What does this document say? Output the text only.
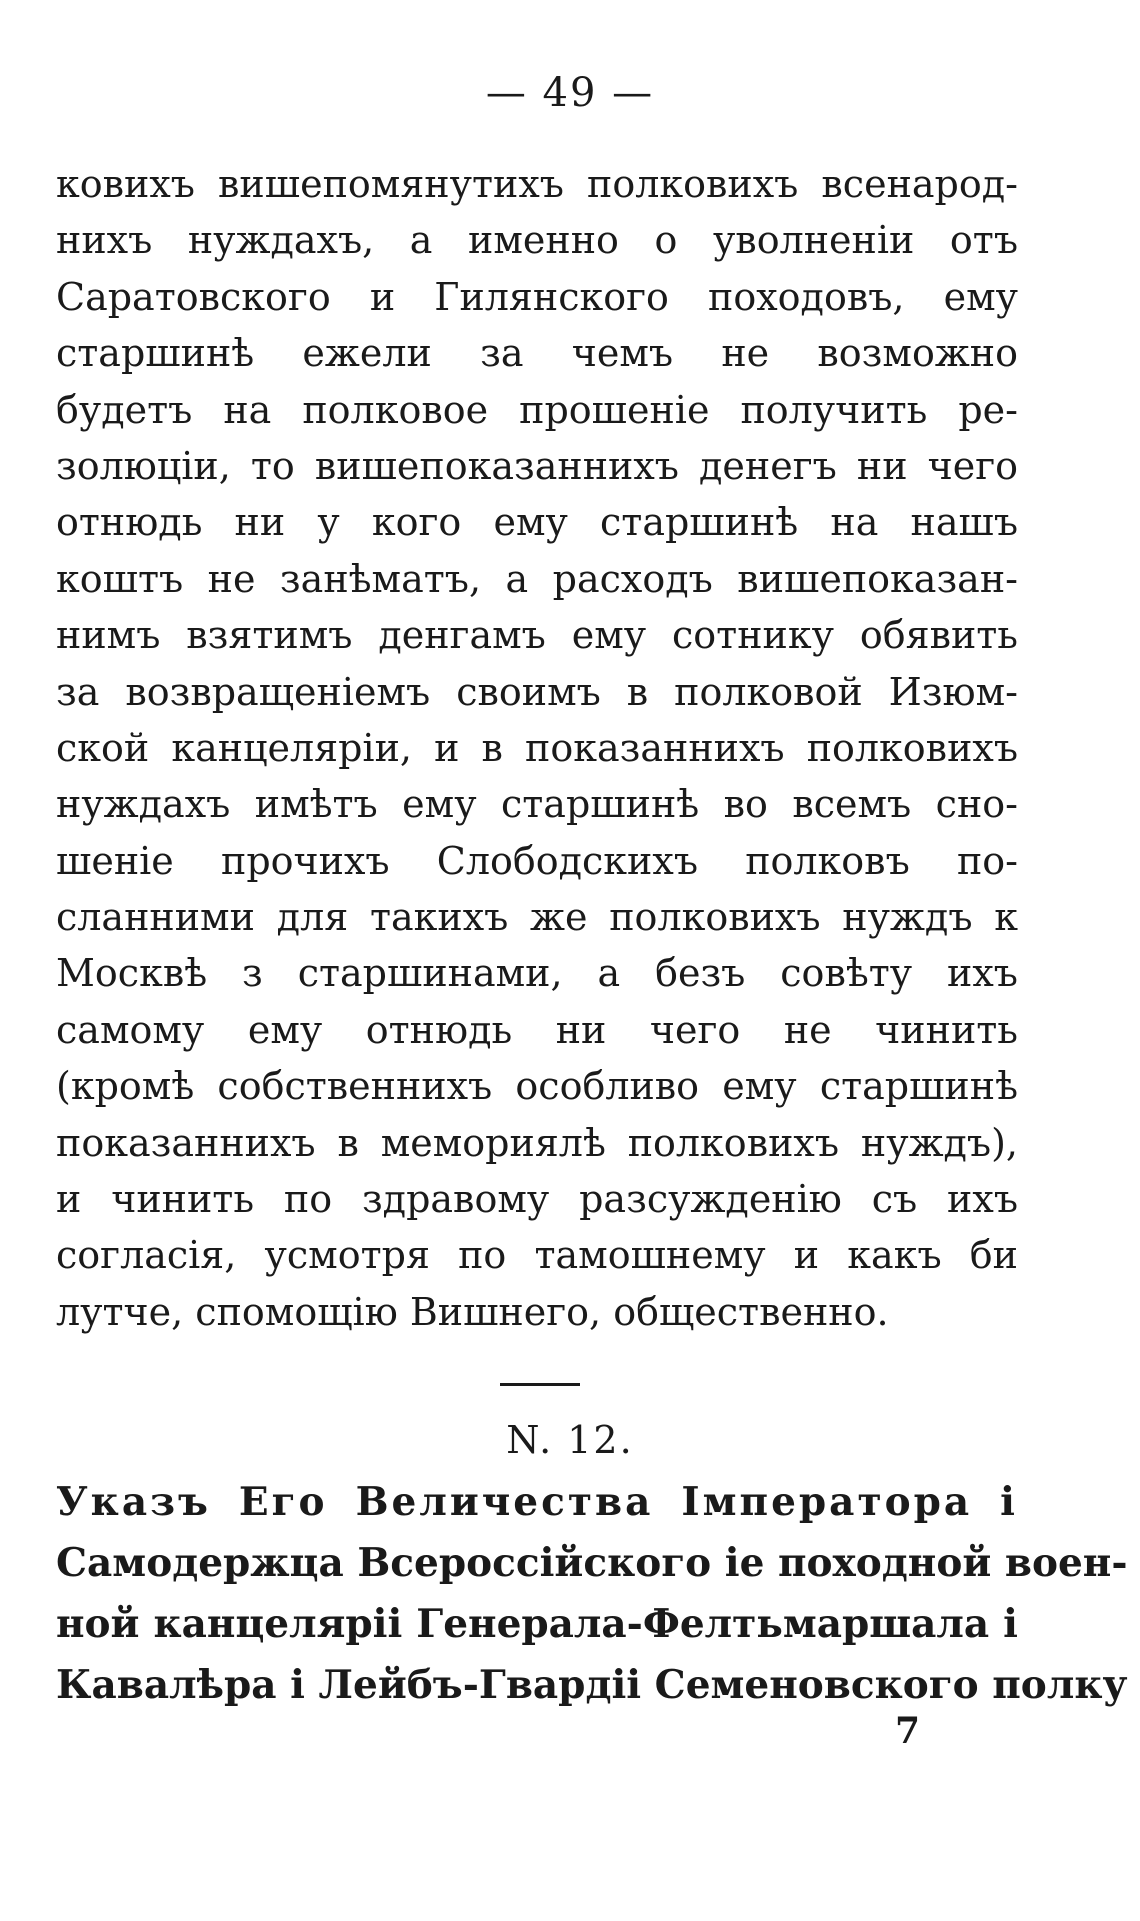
— 49 —
ковихъ вишепомянутихъ полковихъ всенарод-
нихъ нуждахъ, а именно о уволненіи отъ
Саратовского и Гилянского походовъ, ему
старшинѣ ежели за чемъ не возможно
будетъ на полковое прошеніе получить ре-
золюціи, то вишепоказаннихъ денегъ ни чего
отнюдь ни у кого ему старшинѣ на нашъ
коштъ не занѣматъ, а расходъ вишепоказан-
нимъ взятимъ денгамъ ему сотнику обявить
за возвращеніемъ своимъ в полковой Изюм-
ской канцеляріи, и в показаннихъ полковихъ
нуждахъ имѣтъ ему старшинѣ во всемъ сно-
шеніе прочихъ Слободскихъ полковъ по-
сланними для такихъ же полковихъ нуждъ к
Москвѣ з старшинами, а безъ совѣту ихъ
самому ему отнюдь ни чего не чинить
(кромѣ собственнихъ особливо ему старшинѣ
показаннихъ в мемориялѣ полковихъ нуждъ),
и чинить по здравому разсужденію съ ихъ
согласія, усмотря по тамошнему и какъ би
лутче, спомощію Вишнего, общественно.
N. 12.
Указъ Его Величества Імператора і
Самодержца Всероссійского іе походной воен-
ной канцеляріі Генерала-Фелтьмаршала і
Кавалѣра і Лейбъ-Гвардіі Семеновского полку
7
